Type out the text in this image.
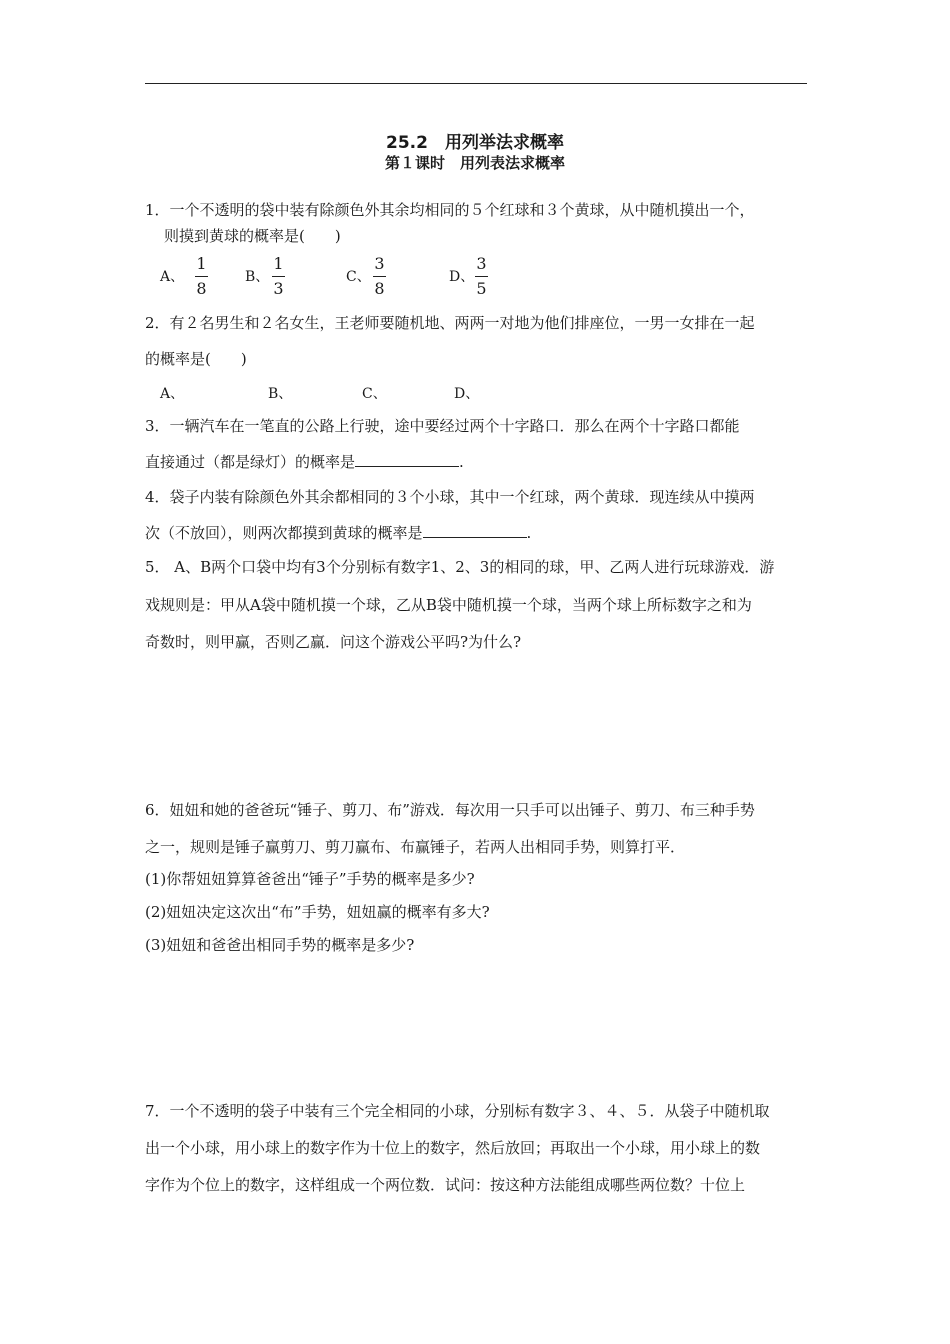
25.2　用列举法求概率
第１课时　用列表法求概率
1．一个不透明的袋中装有除颜色外其余均相同的５个红球和３个黄球，从中随机摸出一个，
则摸到黄球的概率是(　　)
A、
1
8
B、
1
3
C、
3
8
D、
3
5
2．有２名男生和２名女生，王老师要随机地、两两一对地为他们排座位，一男一女排在一起
的概率是(　　)
A、	B、	C、	D、
3．一辆汽车在一笔直的公路上行驶，途中要经过两个十字路口．那么在两个十字路口都能
直接通过（都是绿灯）的概率是	.
4．袋子内装有除颜色外其余都相同的３个小球，其中一个红球，两个黄球．现连续从中摸两
次（不放回），则两次都摸到黄球的概率是	.
5． A、B两个口袋中均有3个分别标有数字1、2、3的相同的球，甲、乙两人进行玩球游戏．游
戏规则是：甲从A袋中随机摸一个球，乙从B袋中随机摸一个球，当两个球上所标数字之和为
奇数时，则甲赢，否则乙赢．问这个游戏公平吗?为什么?
6．妞妞和她的爸爸玩“锤子、剪刀、布”游戏．每次用一只手可以出锤子、剪刀、布三种手势
之一，规则是锤子赢剪刀、剪刀赢布、布赢锤子，若两人出相同手势，则算打平．
(1)你帮妞妞算算爸爸出“锤子”手势的概率是多少?
(2)妞妞决定这次出“布”手势，妞妞赢的概率有多大?
(3)妞妞和爸爸出相同手势的概率是多少?
7．一个不透明的袋子中装有三个完全相同的小球，分别标有数字３、４、５．从袋子中随机取
出一个小球，用小球上的数字作为十位上的数字，然后放回；再取出一个小球，用小球上的数
字作为个位上的数字，这样组成一个两位数．试问：按这种方法能组成哪些两位数？十位上
